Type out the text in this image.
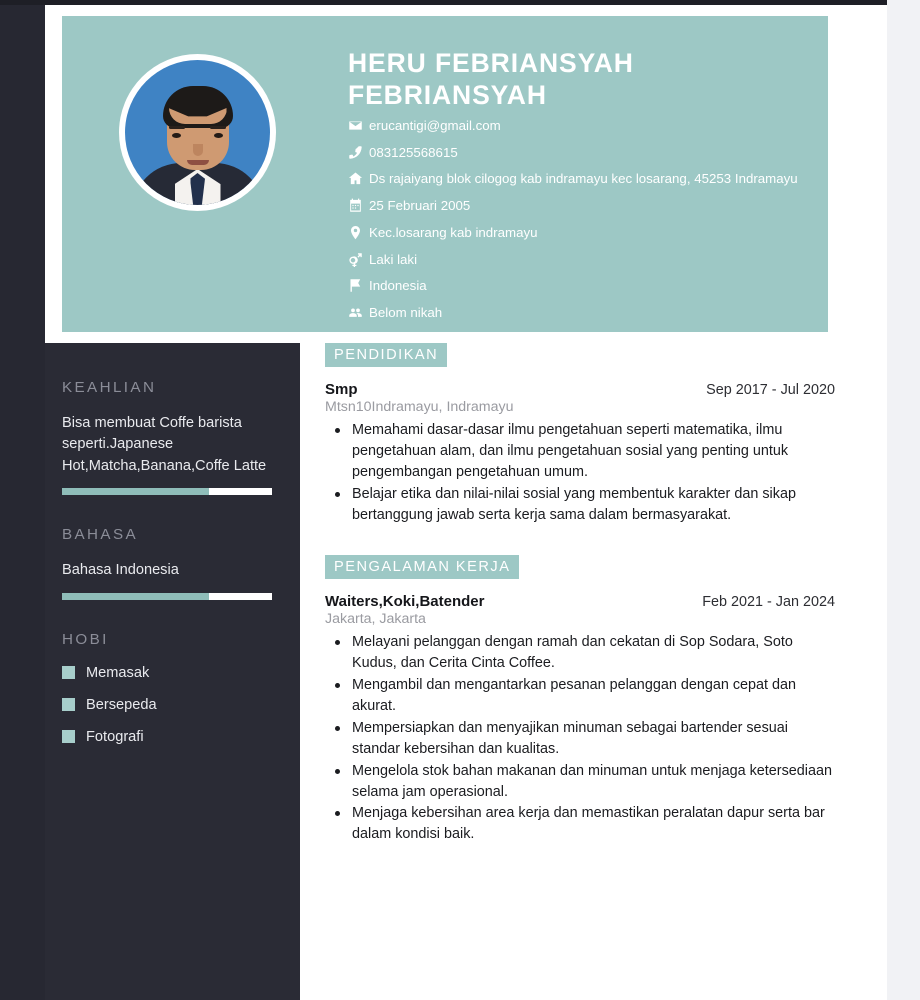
HERU FEBRIANSYAH FEBRIANSYAH
erucantigi@gmail.com
083125568615
Ds rajaiyang blok cilogog kab indramayu kec losarang, 45253 Indramayu
25 Februari 2005
Kec.losarang kab indramayu
Laki laki
Indonesia
Belom nikah
KEAHLIAN
Bisa membuat Coffe barista seperti.Japanese Hot,Matcha,Banana,Coffe Latte
BAHASA
Bahasa Indonesia
HOBI
Memasak
Bersepeda
Fotografi
PENDIDIKAN
Smp	Sep 2017 - Jul 2020
Mtsn10Indramayu, Indramayu
Memahami dasar-dasar ilmu pengetahuan seperti matematika, ilmu pengetahuan alam, dan ilmu pengetahuan sosial yang penting untuk pengembangan pengetahuan umum.
Belajar etika dan nilai-nilai sosial yang membentuk karakter dan sikap bertanggung jawab serta kerja sama dalam bermasyarakat.
PENGALAMAN KERJA
Waiters,Koki,Batender	Feb 2021 - Jan 2024
Jakarta, Jakarta
Melayani pelanggan dengan ramah dan cekatan di Sop Sodara, Soto Kudus, dan Cerita Cinta Coffee.
Mengambil dan mengantarkan pesanan pelanggan dengan cepat dan akurat.
Mempersiapkan dan menyajikan minuman sebagai bartender sesuai standar kebersihan dan kualitas.
Mengelola stok bahan makanan dan minuman untuk menjaga ketersediaan selama jam operasional.
Menjaga kebersihan area kerja dan memastikan peralatan dapur serta bar dalam kondisi baik.
